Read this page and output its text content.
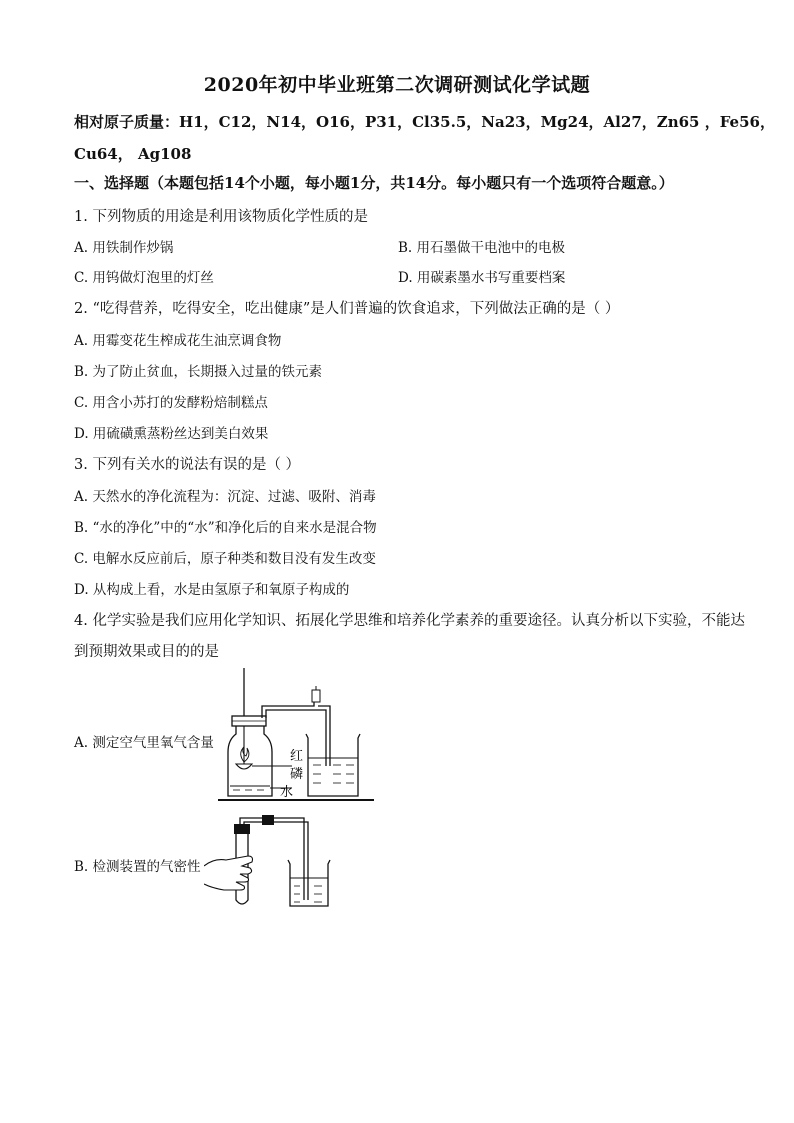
2020年初中毕业班第二次调研测试化学试题
相对原子质量：H1，C12，N14，O16，P31，Cl35.5，Na23，Mg24，Al27，Zn65 ，Fe56，
Cu64， Ag108
一、选择题（本题包括14个小题，每小题1分，共14分。每小题只有一个选项符合题意。）
1. 下列物质的用途是利用该物质化学性质的是
A. 用铁制作炒锅	B. 用石墨做干电池中的电极
C. 用钨做灯泡里的灯丝	D. 用碳素墨水书写重要档案
2. “吃得营养，吃得安全，吃出健康”是人们普遍的饮食追求，下列做法正确的是（ ）
A. 用霉变花生榨成花生油烹调食物
B. 为了防止贫血，长期摄入过量的铁元素
C. 用含小苏打的发酵粉焙制糕点
D. 用硫磺熏蒸粉丝达到美白效果
3. 下列有关水的说法有误的是（ ）
A. 天然水的净化流程为：沉淀、过滤、吸附、消毒
B. “水的净化”中的“水”和净化后的自来水是混合物
C. 电解水反应前后，原子种类和数目没有发生改变
D. 从构成上看，水是由氢原子和氧原子构成的
4. 化学实验是我们应用化学知识、拓展化学思维和培养化学素养的重要途径。认真分析以下实验，不能达
到预期效果或目的的是
A. 测定空气里氧气含量
红
磷
水
B. 检测装置的气密性
